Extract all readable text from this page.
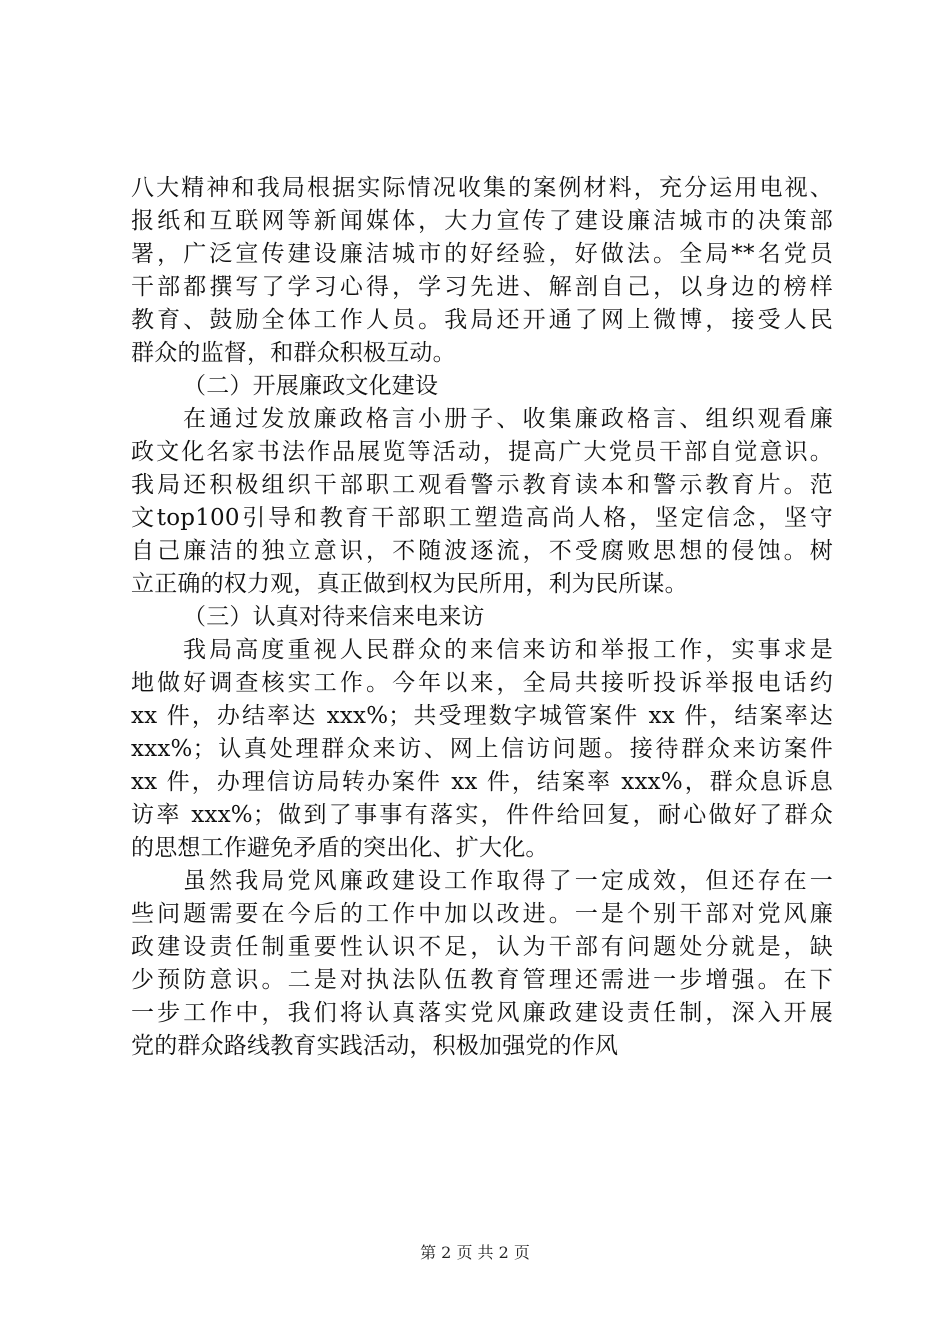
八大精神和我局根据实际情况收集的案例材料，充分运用电视、
报纸和互联网等新闻媒体，大力宣传了建设廉洁城市的决策部
署，广泛宣传建设廉洁城市的好经验，好做法。全局**名党员
干部都撰写了学习心得，学习先进、解剖自己，以身边的榜样
教育、鼓励全体工作人员。我局还开通了网上微博，接受人民
群众的监督，和群众积极互动。
（二）开展廉政文化建设
在通过发放廉政格言小册子、收集廉政格言、组织观看廉
政文化名家书法作品展览等活动，提高广大党员干部自觉意识。
我局还积极组织干部职工观看警示教育读本和警示教育片。范
文top100引导和教育干部职工塑造高尚人格，坚定信念，坚守
自己廉洁的独立意识，不随波逐流，不受腐败思想的侵蚀。树
立正确的权力观，真正做到权为民所用，利为民所谋。
（三）认真对待来信来电来访
我局高度重视人民群众的来信来访和举报工作，实事求是
地做好调查核实工作。今年以来，全局共接听投诉举报电话约
xx 件，办结率达 xxx%；共受理数字城管案件 xx 件，结案率达
xxx%；认真处理群众来访、网上信访问题。接待群众来访案件
xx 件，办理信访局转办案件 xx 件，结案率 xxx%，群众息诉息
访率 xxx%；做到了事事有落实，件件给回复，耐心做好了群众
的思想工作避免矛盾的突出化、扩大化。
虽然我局党风廉政建设工作取得了一定成效，但还存在一
些问题需要在今后的工作中加以改进。一是个别干部对党风廉
政建设责任制重要性认识不足，认为干部有问题处分就是，缺
少预防意识。二是对执法队伍教育管理还需进一步增强。在下
一步工作中，我们将认真落实党风廉政建设责任制，深入开展
党的群众路线教育实践活动，积极加强党的作风
第 2 页 共 2 页
